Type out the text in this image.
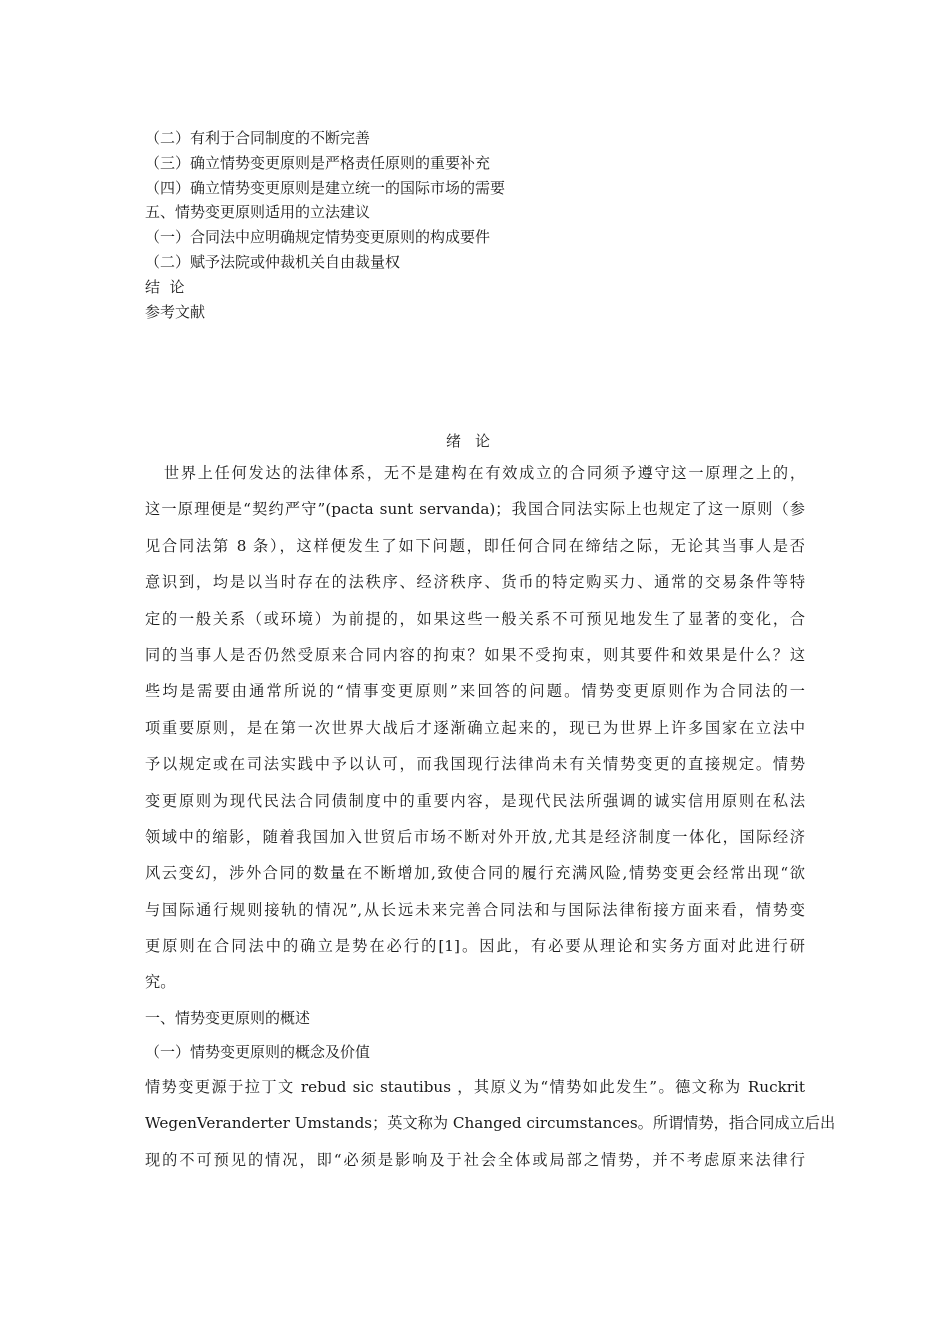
（二）有利于合同制度的不断完善
（三）确立情势变更原则是严格责任原则的重要补充
（四）确立情势变更原则是建立统一的国际市场的需要
五、情势变更原则适用的立法建议
（一）合同法中应明确规定情势变更原则的构成要件
（二）赋予法院或仲裁机关自由裁量权
结  论
参考文献
绪论
　世界上任何发达的法律体系，无不是建构在有效成立的合同须予遵守这一原理之上的，
这一原理便是“契约严守”(pacta sunt servanda)；我国合同法实际上也规定了这一原则（参
见合同法第 8 条），这样便发生了如下问题，即任何合同在缔结之际，无论其当事人是否
意识到，均是以当时存在的法秩序、经济秩序、货币的特定购买力、通常的交易条件等特
定的一般关系（或环境）为前提的，如果这些一般关系不可预见地发生了显著的变化，合
同的当事人是否仍然受原来合同内容的拘束？如果不受拘束，则其要件和效果是什么？这
些均是需要由通常所说的“情事变更原则”来回答的问题。情势变更原则作为合同法的一
项重要原则，是在第一次世界大战后才逐渐确立起来的，现已为世界上许多国家在立法中
予以规定或在司法实践中予以认可，而我国现行法律尚未有关情势变更的直接规定。情势
变更原则为现代民法合同债制度中的重要内容，是现代民法所强调的诚实信用原则在私法
领域中的缩影，随着我国加入世贸后市场不断对外开放,尤其是经济制度一体化，国际经济
风云变幻，涉外合同的数量在不断增加,致使合同的履行充满风险,情势变更会经常出现“欲
与国际通行规则接轨的情况”,从长远未来完善合同法和与国际法律衔接方面来看，情势变
更原则在合同法中的确立是势在必行的[1]。因此，有必要从理论和实务方面对此进行研
究。
一、情势变更原则的概述
（一）情势变更原则的概念及价值
情势变更源于拉丁文 rebud sic stautibus ，其原义为“情势如此发生”。德文称为 Ruckrit
WegenVeranderter Umstands；英文称为 Changed circumstances。所谓情势，指合同成立后出
现的不可预见的情况，即“必须是影响及于社会全体或局部之情势，并不考虑原来法律行
